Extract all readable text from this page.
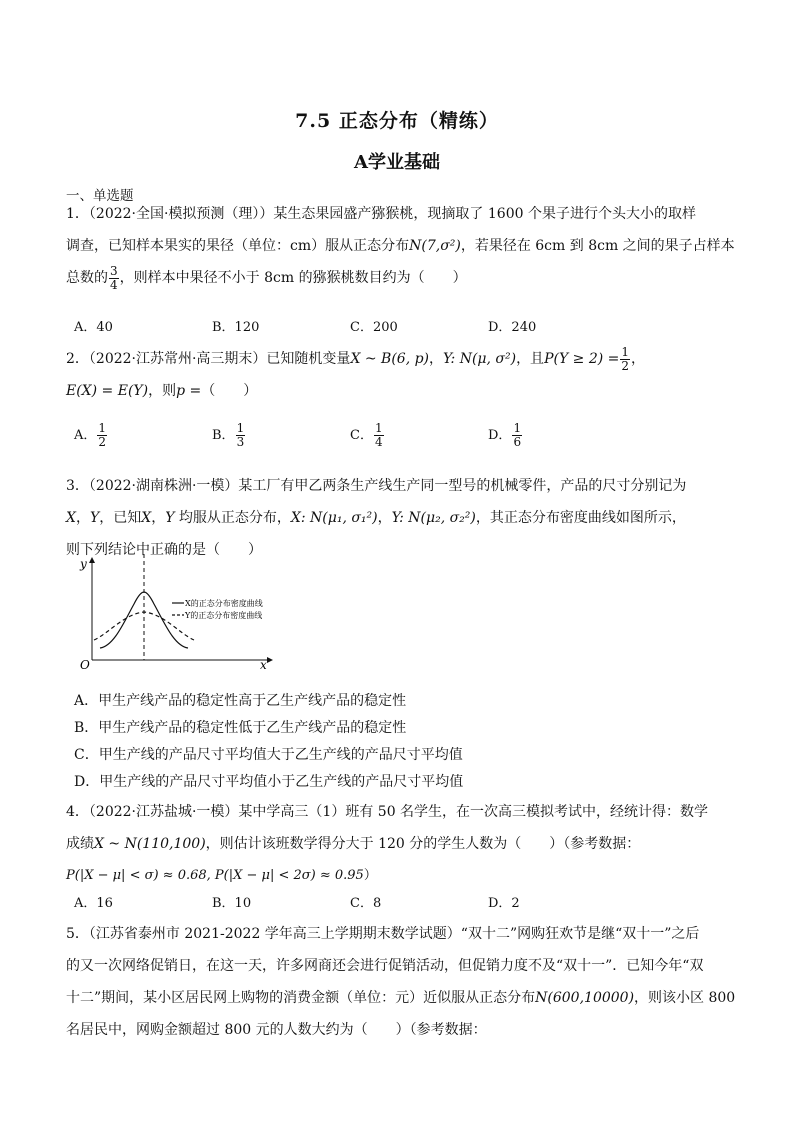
7.5 正态分布（精练）
A学业基础
一、单选题
1．（2022·全国·模拟预测（理））某生态果园盛产猕猴桃，现摘取了 1600 个果子进行个头大小的取样
调查，已知样本果实的果径（单位：cm）服从正态分布N(7,σ²)，若果径在 6cm 到 8cm 之间的果子占样本
总数的 $\frac{3}{4}$ ，则样本中果径不小于 8cm 的猕猴桃数目约为（　　）
A．40	B．120	C．200	D．240
2．（2022·江苏常州·高三期末）已知随机变量X ~ B(6, p)，Y: N(μ, σ²)，且$P(Y \ge 2) = \frac{1}{2}$ ，
E(X) = E(Y)，则p =（　　）
A． $\frac{1}{2}$	B． $\frac{1}{3}$	C． $\frac{1}{4}$	D． $\frac{1}{6}$
3．（2022·湖南株洲·一模）某工厂有甲乙两条生产线生产同一型号的机械零件，产品的尺寸分别记为
X，Y，已知X，Y 均服从正态分布，X: N(μ₁, σ₁²)，Y: N(μ₂, σ₂²)，其正态分布密度曲线如图所示，
则下列结论中正确的是（　　）
y
x
O
X的正态分布密度曲线
Y的正态分布密度曲线
A．甲生产线产品的稳定性高于乙生产线产品的稳定性
B．甲生产线产品的稳定性低于乙生产线产品的稳定性
C．甲生产线的产品尺寸平均值大于乙生产线的产品尺寸平均值
D．甲生产线的产品尺寸平均值小于乙生产线的产品尺寸平均值
4．（2022·江苏盐城·一模）某中学高三（1）班有 50 名学生，在一次高三模拟考试中，经统计得：数学
成绩X ~ N(110,100)，则估计该班数学得分大于 120 分的学生人数为（　　）（参考数据：
P(|X − μ| < σ) ≈ 0.68, P(|X − μ| < 2σ) ≈ 0.95）
A．16	B．10	C．8	D．2
5．（江苏省泰州市 2021-2022 学年高三上学期期末数学试题）“双十二”网购狂欢节是继“双十一”之后
的又一次网络促销日，在这一天，许多网商还会进行促销活动，但促销力度不及“双十一”．已知今年“双
十二”期间，某小区居民网上购物的消费金额（单位：元）近似服从正态分布N(600,10000)，则该小区 800
名居民中，网购金额超过 800 元的人数大约为（　　）（参考数据：
